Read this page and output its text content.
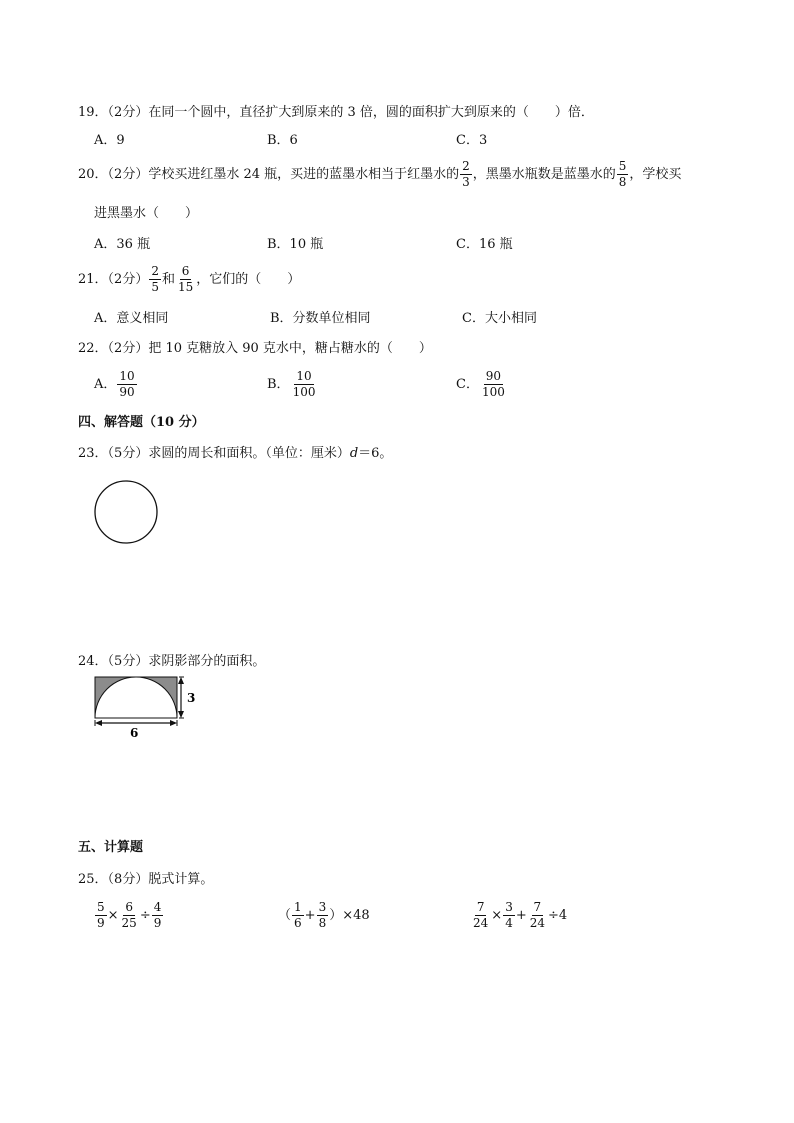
19．（2分）在同一个圆中，直径扩大到原来的 3 倍，圆的面积扩大到原来的（　　）倍．
A．9	B．6	C．3
20．（2分）学校买进红墨水 24 瓶，买进的蓝墨水相当于红墨水的 $\frac{2}{3}$ ，黑墨水瓶数是蓝墨水的 $\frac{5}{8}$ ，学校买
进黑墨水（　　）
A．36 瓶	B．10 瓶	C．16 瓶
21．（2分） $\frac{2}{5}$ 和 $\frac{6}{15}$ ，它们的（　　）
A．意义相同	B．分数单位相同	C．大小相同
22．（2分）把 10 克糖放入 90 克水中，糖占糖水的（　　）
A． $\frac{10}{90}$	B． $\frac{10}{100}$	C． $\frac{90}{100}$
四、解答题（10 分）
23．（5分）求圆的周长和面积。（单位：厘米）d＝6。
24．（5分）求阴影部分的面积。
3
6
五、计算题
25．（8分）脱式计算。
$\frac{5}{9} \times \frac{6}{25} \div \frac{4}{9}$	（ $\frac{1}{6} + \frac{3}{8} )\times 48$	$\frac{7}{24} \times \frac{3}{4} + \frac{7}{24} \div 4$
